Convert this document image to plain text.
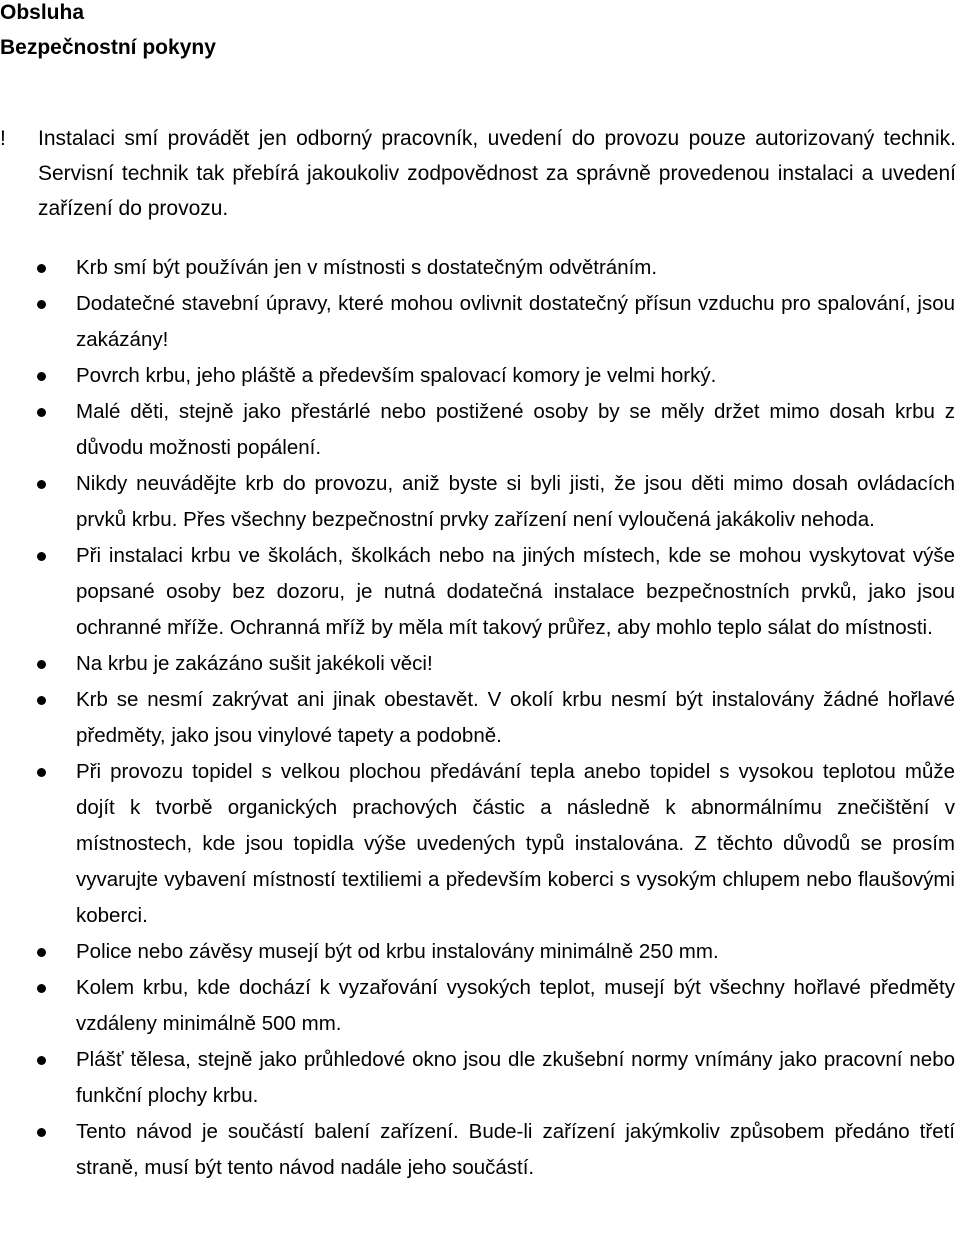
Obsluha
Bezpečnostní pokyny
! Instalaci smí provádět jen odborný pracovník, uvedení do provozu pouze autorizovaný technik. Servisní technik tak přebírá jakoukoliv zodpovědnost za správně provedenou instalaci a uvedení zařízení do provozu.
Krb smí být používán jen v místnosti s dostatečným odvětráním.
Dodatečné stavební úpravy, které mohou ovlivnit dostatečný přísun vzduchu pro spalování, jsou zakázány!
Povrch krbu, jeho pláště a především spalovací komory je velmi horký.
Malé děti, stejně jako přestárlé nebo postižené osoby by se měly držet mimo dosah krbu z důvodu možnosti popálení.
Nikdy neuvádějte krb do provozu, aniž byste si byli jisti, že jsou děti mimo dosah ovládacích prvků krbu. Přes všechny bezpečnostní prvky zařízení není vyloučená jakákoliv nehoda.
Při instalaci krbu ve školách, školkách nebo na jiných místech, kde se mohou vyskytovat výše popsané osoby bez dozoru, je nutná dodatečná instalace bezpečnostních prvků, jako jsou ochranné mříže. Ochranná mříž by měla mít takový průřez, aby mohlo teplo sálat do místnosti.
Na krbu je zakázáno sušit jakékoli věci!
Krb se nesmí zakrývat ani jinak obestavět. V okolí krbu nesmí být instalovány žádné hořlavé předměty, jako jsou vinylové tapety a podobně.
Při provozu topidel s velkou plochou předávání tepla anebo topidel s vysokou teplotou může dojít k tvorbě organických prachových částic a následně k abnormálnímu znečištění v místnostech, kde jsou topidla výše uvedených typů instalována. Z těchto důvodů se prosím vyvarujte vybavení místností textiliemi a především koberci s vysokým chlupem nebo flaušovými koberci.
Police nebo závěsy musejí být od krbu instalovány minimálně 250 mm.
Kolem krbu, kde dochází k vyzařování vysokých teplot, musejí být všechny hořlavé předměty vzdáleny minimálně 500 mm.
Plášť tělesa, stejně jako průhledové okno jsou dle zkušební normy vnímány jako pracovní nebo funkční plochy krbu.
Tento návod je součástí balení zařízení. Bude-li zařízení jakýmkoliv způsobem předáno třetí straně, musí být tento návod nadále jeho součástí.
